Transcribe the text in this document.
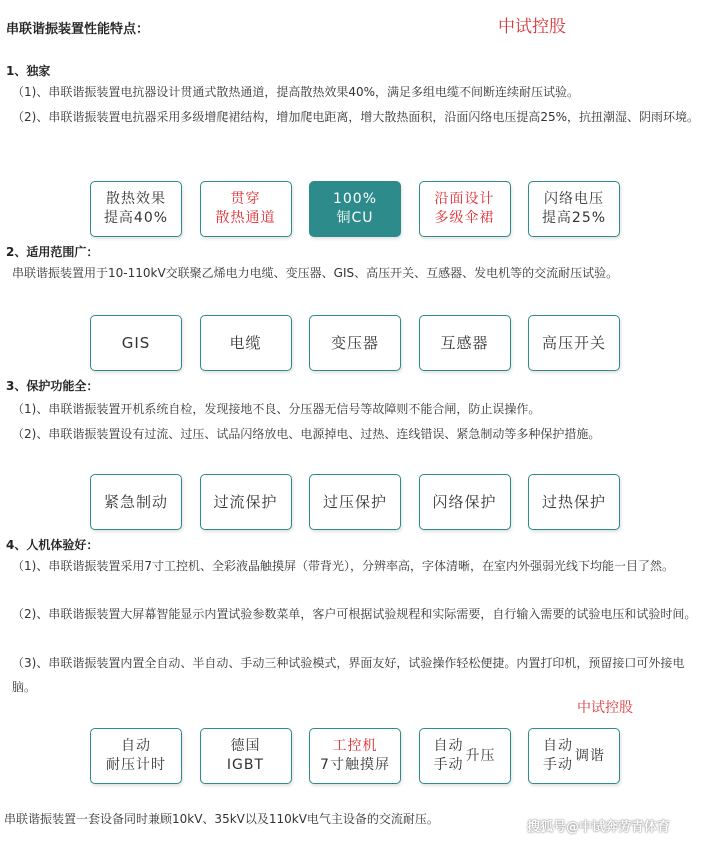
串联谐振装置性能特点：	中试控股
1、独家
（1)、串联谐振装置电抗器设计贯通式散热通道，提高散热效果40%，满足多组电缆不间断连续耐压试验。
（2)、串联谐振装置电抗器采用多级增爬裙结构，增加爬电距离，增大散热面积，沿面闪络电压提高25%，抗扭潮湿、阴雨环境。
散热效果
提高40%
贯穿
散热通道
100%
铜CU
沿面设计
多级伞裙
闪络电压
提高25%
2、适用范围广：
串联谐振装置用于10-110kV交联聚乙烯电力电缆、变压器、GIS、高压开关、互感器、发电机等的交流耐压试验。
GIS	电缆	变压器	互感器	高压开关
3、保护功能全：
（1)、串联谐振装置开机系统自检，发现接地不良、分压器无信号等故障则不能合闸，防止误操作。
（2)、串联谐振装置设有过流、过压、试品闪络放电、电源掉电、过热、连线错误、紧急制动等多种保护措施。
紧急制动	过流保护	过压保护	闪络保护	过热保护
4、人机体验好：
（1)、串联谐振装置采用7寸工控机、全彩液晶触摸屏（带背光），分辨率高，字体清晰，在室内外强弱光线下均能一目了然。
（2)、串联谐振装置大屏幕智能显示内置试验参数菜单，客户可根据试验规程和实际需要，自行输入需要的试验电压和试验时间。
（3)、串联谐振装置内置全自动、半自动、手动三种试验模式，界面友好，试验操作轻松便捷。内置打印机，预留接口可外接电脑。
中试控股
自动
耐压计时
德国
IGBT
工控机
7寸触摸屏
自动
手动
升压
自动
手动
调谐
串联谐振装置一套设备同时兼顾10kV、35kV以及110kV电气主设备的交流耐压。
搜狐号@中试奔劳青体育
